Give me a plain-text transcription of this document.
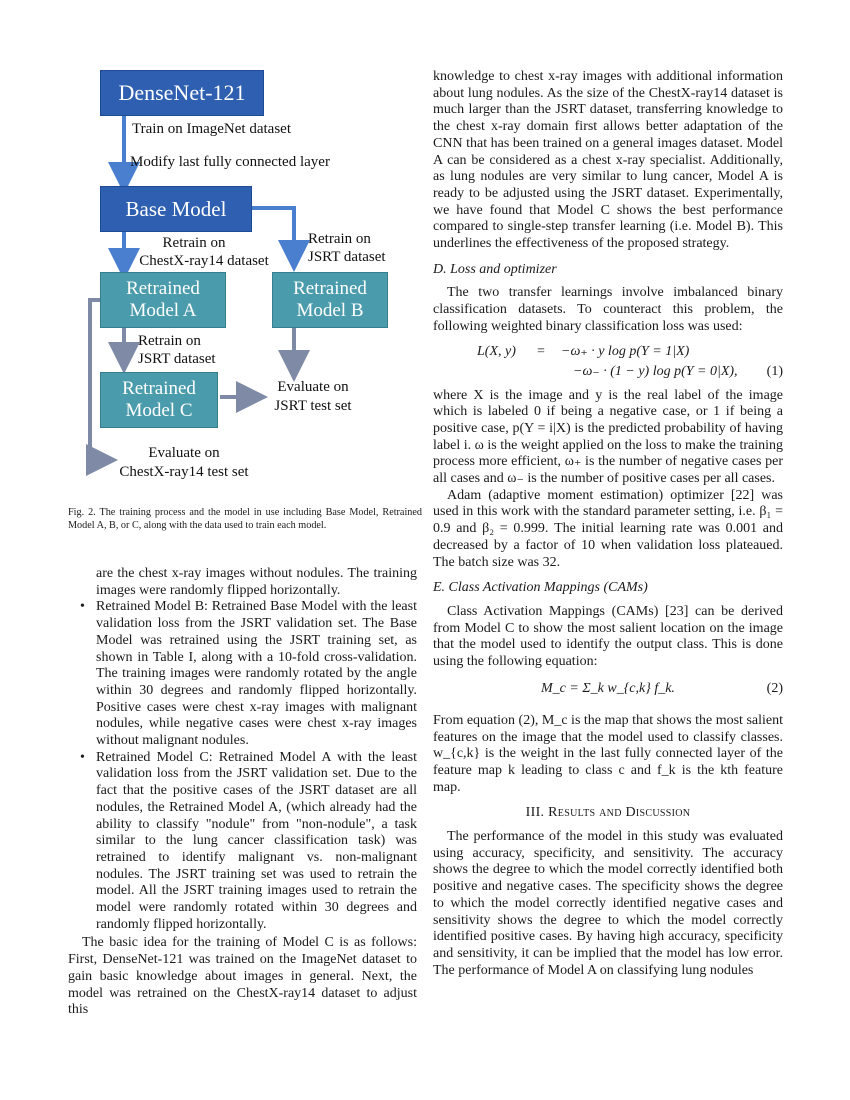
DenseNet-121
Base Model
Retrained Model A
Retrained Model B
Retrained Model C
Train on ImageNet dataset
Modify last fully connected layer
Retrain on
ChestX-ray14 dataset
Retrain on
JSRT dataset
Retrain on
JSRT dataset
Evaluate on
JSRT test set
Evaluate on
ChestX-ray14 test set
Fig. 2. The training process and the model in use including Base Model, Retrained Model A, B, or C, along with the data used to train each model.

are the chest x-ray images without nodules. The training images were randomly flipped horizontally.

• Retrained Model B: Retrained Base Model with the least validation loss from the JSRT validation set. The Base Model was retrained using the JSRT training set, as shown in Table I, along with a 10-fold cross-validation. The training images were randomly rotated by the angle within 30 degrees and randomly flipped horizontally. Positive cases were chest x-ray images with malignant nodules, while negative cases were chest x-ray images without malignant nodules.
• Retrained Model C: Retrained Model A with the least validation loss from the JSRT validation set. Due to the fact that the positive cases of the JSRT dataset are all nodules, the Retrained Model A, (which already had the ability to classify "nodule" from "non-nodule", a task similar to the lung cancer classification task) was retrained to identify malignant vs. non-malignant nodules. The JSRT training set was used to retrain the model. All the JSRT training images used to retrain the model were randomly rotated within 30 degrees and randomly flipped horizontally.

The basic idea for the training of Model C is as follows: First, DenseNet-121 was trained on the ImageNet dataset to gain basic knowledge about images in general. Next, the model was retrained on the ChestX-ray14 dataset to adjust this

knowledge to chest x-ray images with additional information about lung nodules. As the size of the ChestX-ray14 dataset is much larger than the JSRT dataset, transferring knowledge to the chest x-ray domain first allows better adaptation of the CNN that has been trained on a general images dataset. Model A can be considered as a chest x-ray specialist. Additionally, as lung nodules are very similar to lung cancer, Model A is ready to be adjusted using the JSRT dataset. Experimentally, we have found that Model C shows the best performance compared to single-step transfer learning (i.e. Model B). This underlines the effectiveness of the proposed strategy.

D. Loss and optimizer

The two transfer learnings involve imbalanced binary classification datasets. To counteract this problem, the following weighted binary classification loss was used:

L(X, y) = −ω₊ · y log p(Y = 1|X)
−ω₋ · (1 − y) log p(Y = 0|X), (1)

where X is the image and y is the real label of the image which is labeled 0 if being a negative case, or 1 if being a positive case, p(Y = i|X) is the predicted probability of having label i. ω is the weight applied on the loss to make the training process more efficient, ω₊ is the number of negative cases per all cases and ω₋ is the number of positive cases per all cases.

Adam (adaptive moment estimation) optimizer [22] was used in this work with the standard parameter setting, i.e. β₁ = 0.9 and β₂ = 0.999. The initial learning rate was 0.001 and decreased by a factor of 10 when validation loss plateaued. The batch size was 32.

E. Class Activation Mappings (CAMs)

Class Activation Mappings (CAMs) [23] can be derived from Model C to show the most salient location on the image that the model used to identify the output class. This is done using the following equation:

M_c = Σ_k w_{c,k} f_k.	(2)

From equation (2), M_c is the map that shows the most salient features on the image that the model used to classify classes. w_{c,k} is the weight in the last fully connected layer of the feature map k leading to class c and f_k is the kth feature map.

III. Results and Discussion

The performance of the model in this study was evaluated using accuracy, specificity, and sensitivity. The accuracy shows the degree to which the model correctly identified both positive and negative cases. The specificity shows the degree to which the model correctly identified negative cases and sensitivity shows the degree to which the model correctly identified positive cases. By having high accuracy, specificity and sensitivity, it can be implied that the model has low error. The performance of Model A on classifying lung nodules
